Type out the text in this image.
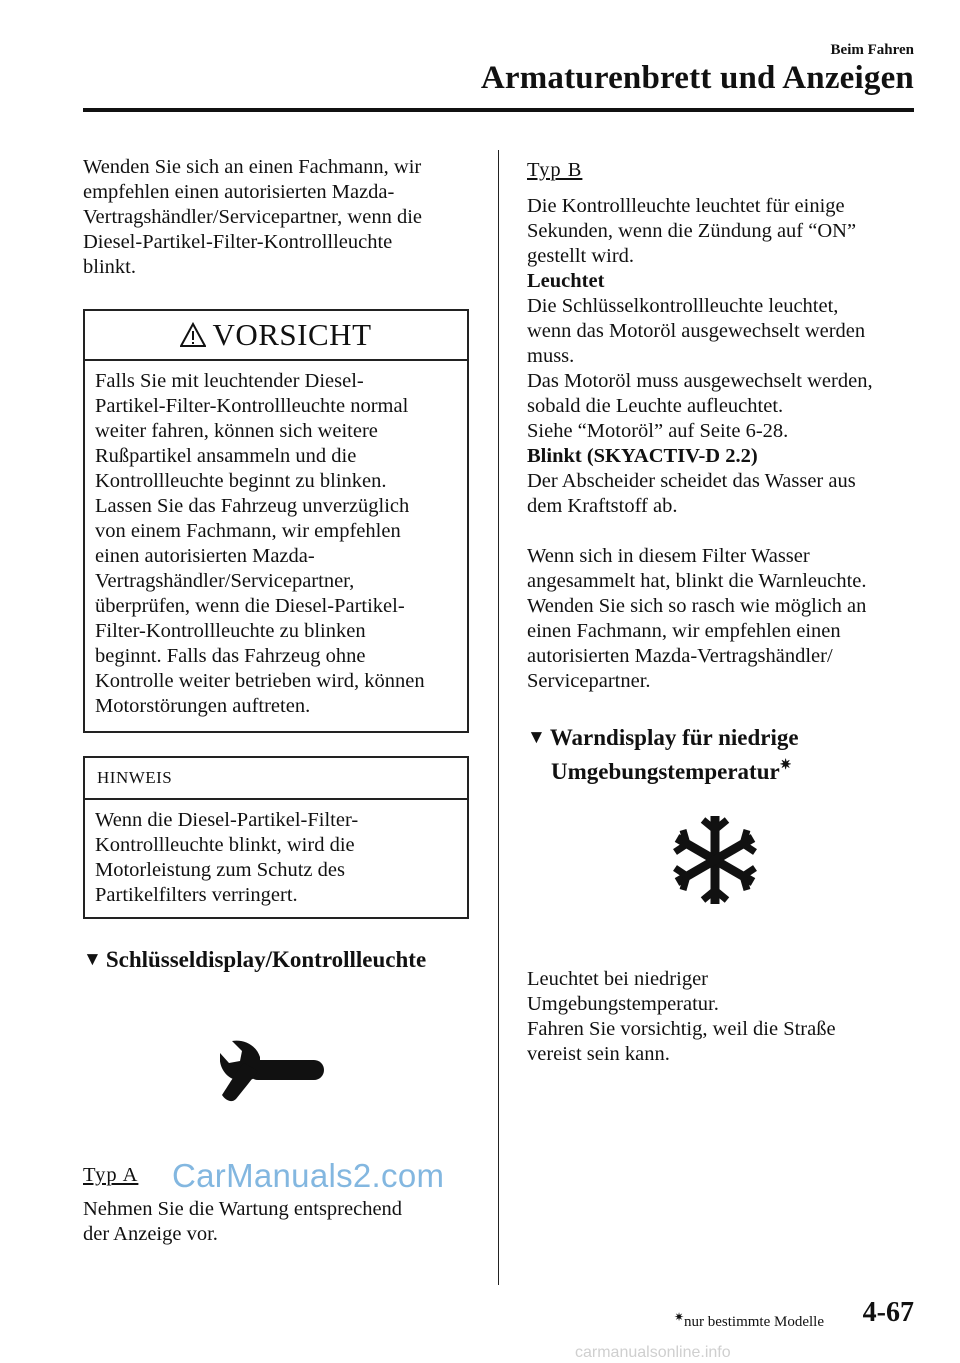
Beim Fahren
Armaturenbrett und Anzeigen

Wenden Sie sich an einen Fachmann, wir
empfehlen einen autorisierten Mazda-
Vertragshändler/Servicepartner, wenn die
Diesel-Partikel-Filter-Kontrollleuchte
blinkt.

VORSICHT
Falls Sie mit leuchtender Diesel-
Partikel-Filter-Kontrollleuchte normal
weiter fahren, können sich weitere
Rußpartikel ansammeln und die
Kontrollleuchte beginnt zu blinken.
Lassen Sie das Fahrzeug unverzüglich
von einem Fachmann, wir empfehlen
einen autorisierten Mazda-
Vertragshändler/Servicepartner,
überprüfen, wenn die Diesel-Partikel-
Filter-Kontrollleuchte zu blinken
beginnt. Falls das Fahrzeug ohne
Kontrolle weiter betrieben wird, können
Motorstörungen auftreten.
HINWEIS
Wenn die Diesel-Partikel-Filter-
Kontrollleuchte blinkt, wird die
Motorleistung zum Schutz des
Partikelfilters verringert.
▼ Schlüsseldisplay/Kontrollleuchte
Typ A CarManuals2.com

Nehmen Sie die Wartung entsprechend
der Anzeige vor.

Typ B

Die Kontrollleuchte leuchtet für einige
Sekunden, wenn die Zündung auf “ON”
gestellt wird.

Leuchtet

Die Schlüsselkontrollleuchte leuchtet,
wenn das Motoröl ausgewechselt werden
muss.
Das Motoröl muss ausgewechselt werden,
sobald die Leuchte aufleuchtet.
Siehe “Motoröl” auf Seite 6-28.

Blinkt (SKYACTIV-D 2.2)

Der Abscheider scheidet das Wasser aus
dem Kraftstoff ab.

Wenn sich in diesem Filter Wasser
angesammelt hat, blinkt die Warnleuchte.
Wenden Sie sich so rasch wie möglich an
einen Fachmann, wir empfehlen einen
autorisierten Mazda-Vertragshändler/
Servicepartner.

▼ Warndisplay für niedrige
Umgebungstemperatur✷

Leuchtet bei niedriger
Umgebungstemperatur.
Fahren Sie vorsichtig, weil die Straße
vereist sein kann.

✷nur bestimmte Modelle 4-67
carmanualsonline.info
